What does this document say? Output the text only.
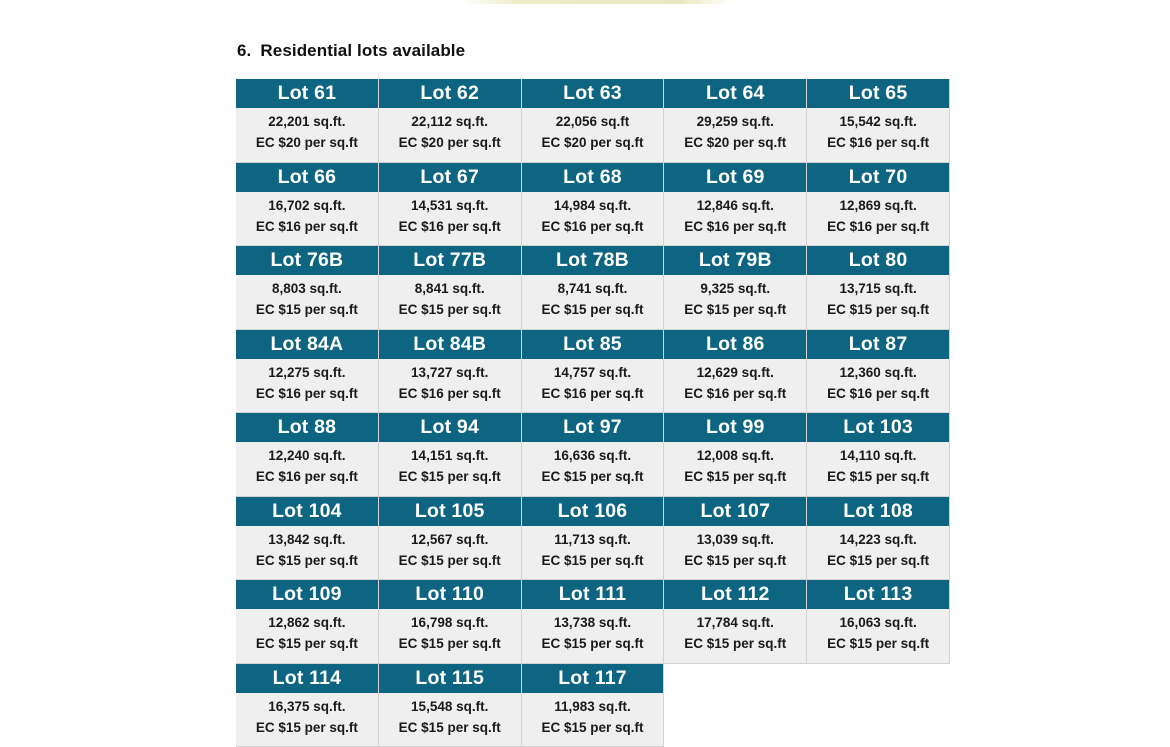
6. Residential lots available
Lot 61
22,201 sq.ft.
EC $20 per sq.ft
Lot 62
22,112 sq.ft.
EC $20 per sq.ft
Lot 63
22,056 sq.ft
EC $20 per sq.ft
Lot 64
29,259 sq.ft.
EC $20 per sq.ft
Lot 65
15,542 sq.ft.
EC $16 per sq.ft
Lot 66
16,702 sq.ft.
EC $16 per sq.ft
Lot 67
14,531 sq.ft.
EC $16 per sq.ft
Lot 68
14,984 sq.ft.
EC $16 per sq.ft
Lot 69
12,846 sq.ft.
EC $16 per sq.ft
Lot 70
12,869 sq.ft.
EC $16 per sq.ft
Lot 76B
8,803 sq.ft.
EC $15 per sq.ft
Lot 77B
8,841 sq.ft.
EC $15 per sq.ft
Lot 78B
8,741 sq.ft.
EC $15 per sq.ft
Lot 79B
9,325 sq.ft.
EC $15 per sq.ft
Lot 80
13,715 sq.ft.
EC $15 per sq.ft
Lot 84A
12,275 sq.ft.
EC $16 per sq.ft
Lot 84B
13,727 sq.ft.
EC $16 per sq.ft
Lot 85
14,757 sq.ft.
EC $16 per sq.ft
Lot 86
12,629 sq.ft.
EC $16 per sq.ft
Lot 87
12,360 sq.ft.
EC $16 per sq.ft
Lot 88
12,240 sq.ft.
EC $16 per sq.ft
Lot 94
14,151 sq.ft.
EC $15 per sq.ft
Lot 97
16,636 sq.ft.
EC $15 per sq.ft
Lot 99
12,008 sq.ft.
EC $15 per sq.ft
Lot 103
14,110 sq.ft.
EC $15 per sq.ft
Lot 104
13,842 sq.ft.
EC $15 per sq.ft
Lot 105
12,567 sq.ft.
EC $15 per sq.ft
Lot 106
11,713 sq.ft.
EC $15 per sq.ft
Lot 107
13,039 sq.ft.
EC $15 per sq.ft
Lot 108
14,223 sq.ft.
EC $15 per sq.ft
Lot 109
12,862 sq.ft.
EC $15 per sq.ft
Lot 110
16,798 sq.ft.
EC $15 per sq.ft
Lot 111
13,738 sq.ft.
EC $15 per sq.ft
Lot 112
17,784 sq.ft.
EC $15 per sq.ft
Lot 113
16,063 sq.ft.
EC $15 per sq.ft
Lot 114
16,375 sq.ft.
EC $15 per sq.ft
Lot 115
15,548 sq.ft.
EC $15 per sq.ft
Lot 117
11,983 sq.ft.
EC $15 per sq.ft
